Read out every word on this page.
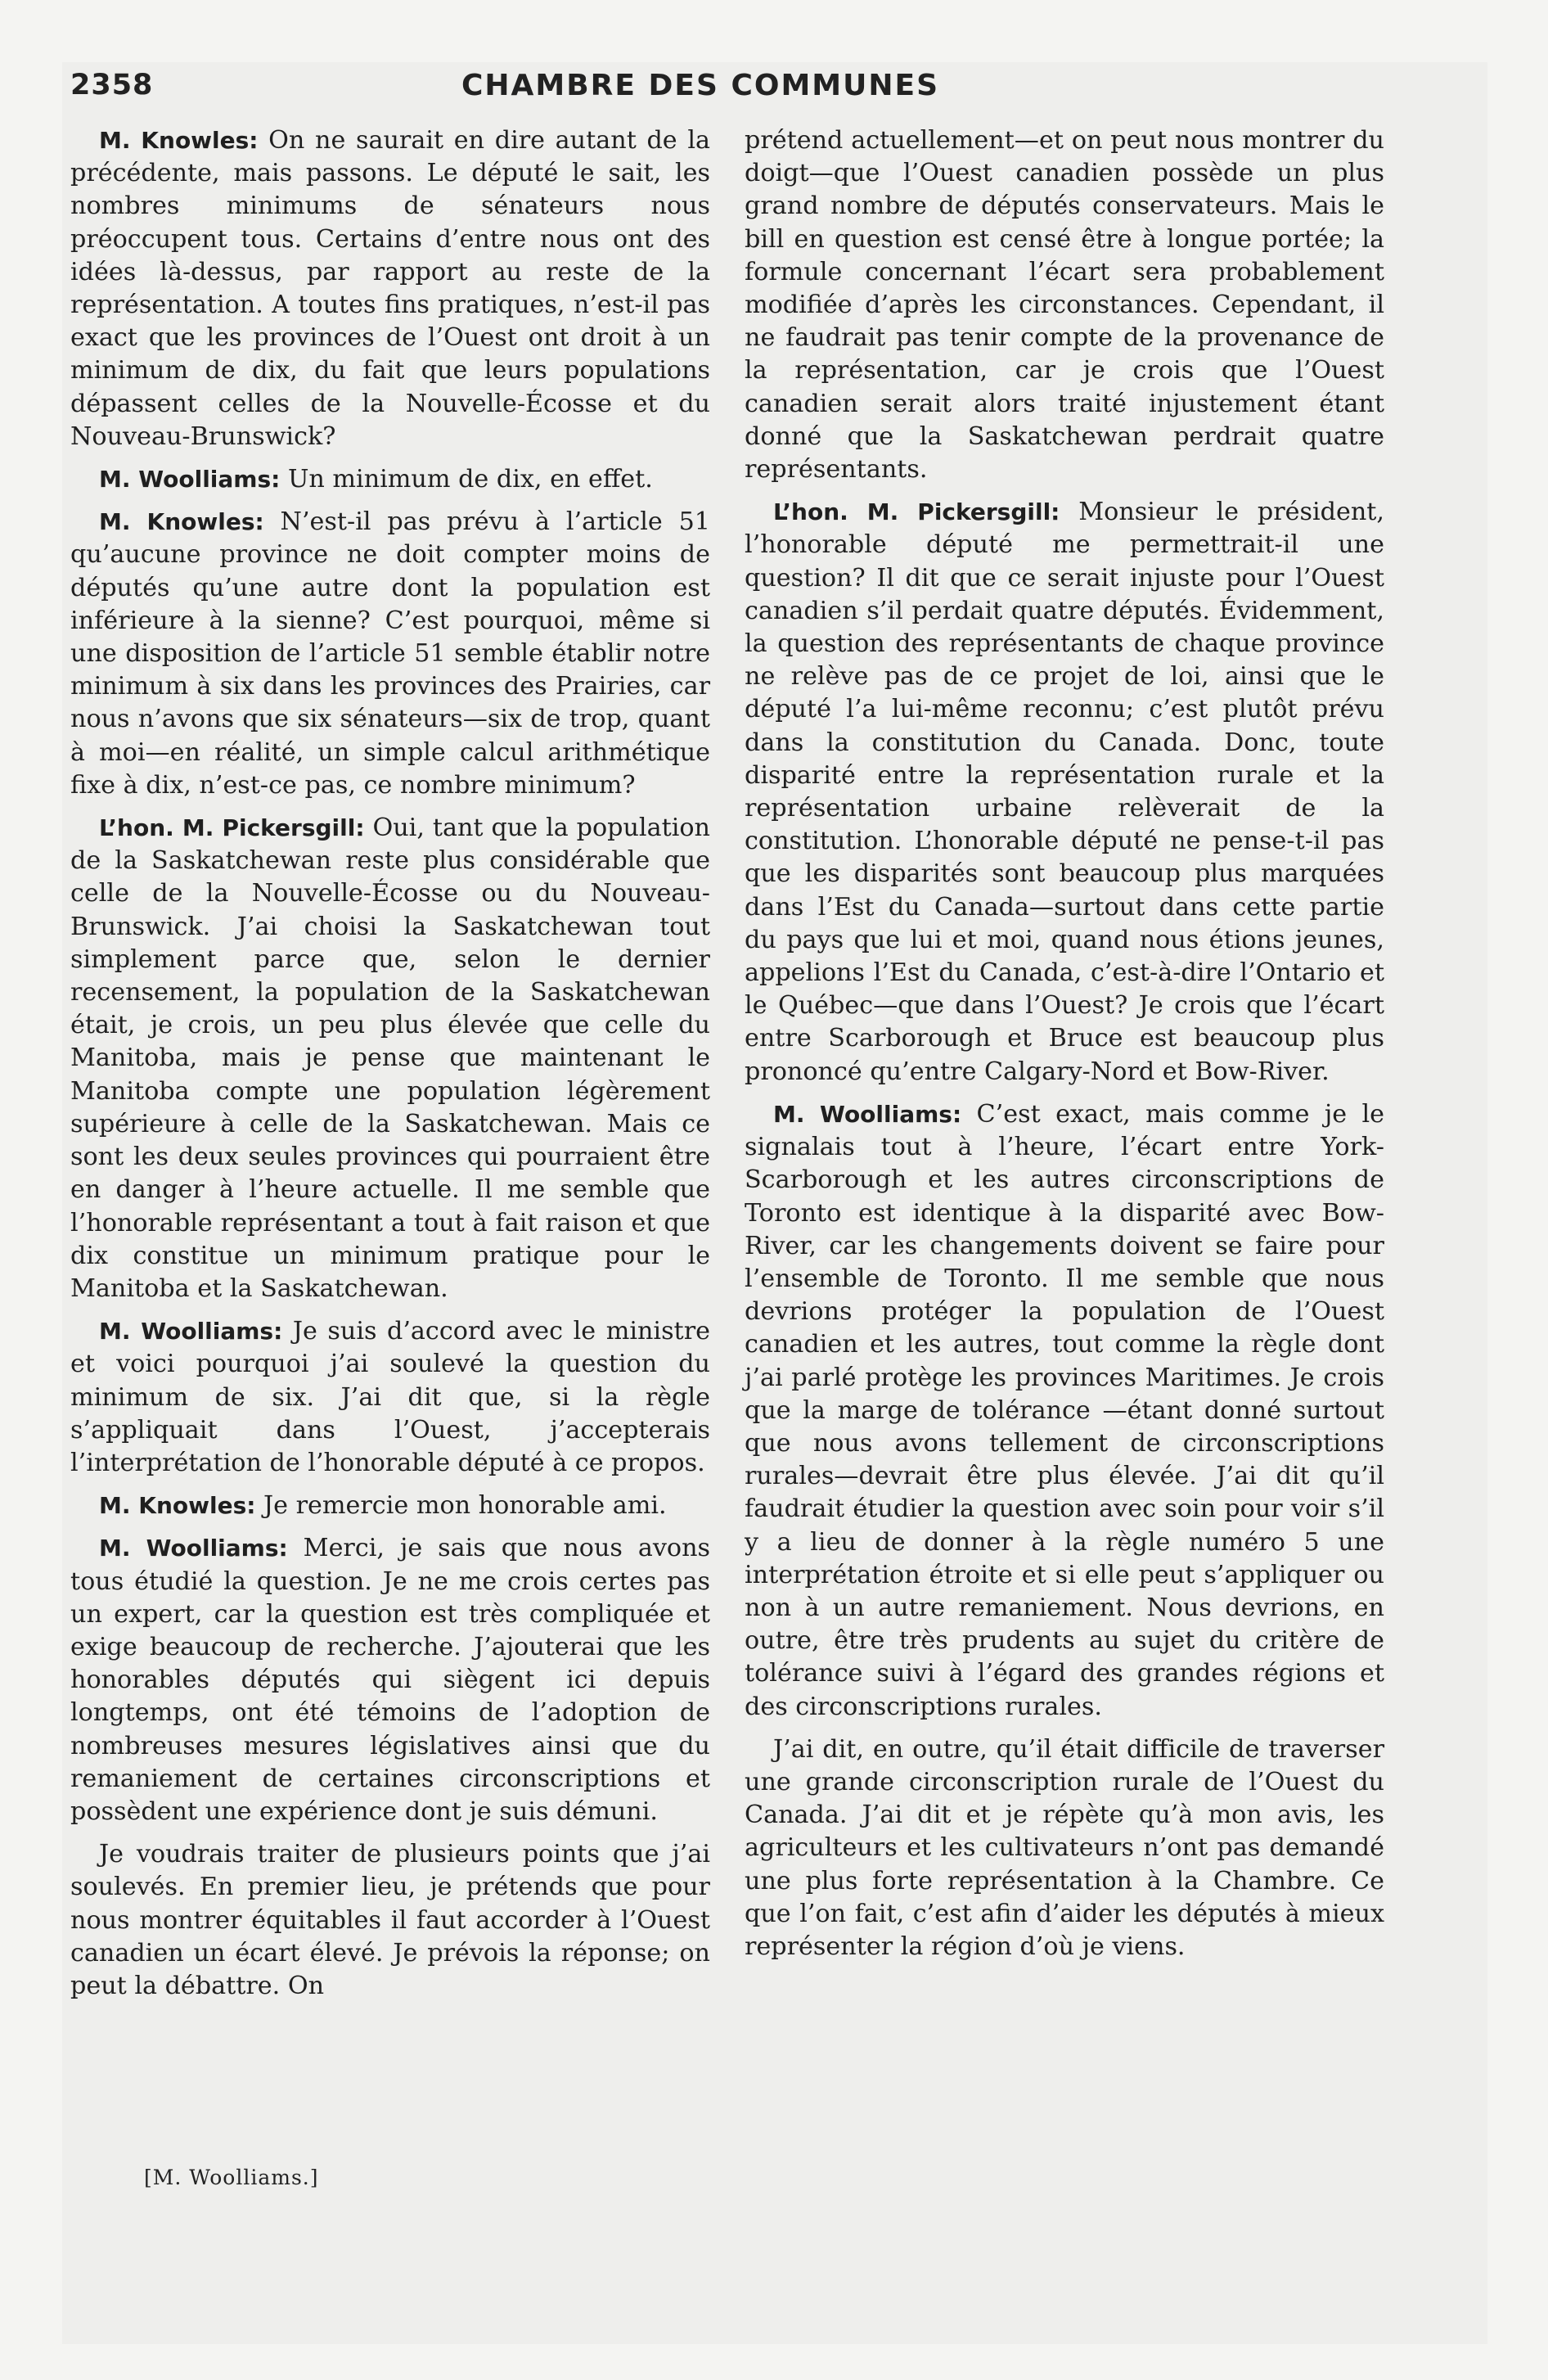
2358	CHAMBRE DES COMMUNES

M. Knowles: On ne saurait en dire autant de la précédente, mais passons. Le député le sait, les nombres minimums de sénateurs nous préoccupent tous. Certains d’entre nous ont des idées là-dessus, par rapport au reste de la représentation. A toutes fins pratiques, n’est-il pas exact que les provinces de l’Ouest ont droit à un minimum de dix, du fait que leurs populations dépassent celles de la Nouvelle-Écosse et du Nouveau-Brunswick?

M. Woolliams: Un minimum de dix, en effet.

M. Knowles: N’est-il pas prévu à l’article 51 qu’aucune province ne doit compter moins de députés qu’une autre dont la population est inférieure à la sienne? C’est pourquoi, même si une disposition de l’article 51 semble établir notre minimum à six dans les provinces des Prairies, car nous n’avons que six sénateurs—six de trop, quant à moi—en réalité, un simple calcul arithmétique fixe à dix, n’est-ce pas, ce nombre minimum?

L’hon. M. Pickersgill: Oui, tant que la population de la Saskatchewan reste plus considérable que celle de la Nouvelle-Écosse ou du Nouveau-Brunswick. J’ai choisi la Saskatchewan tout simplement parce que, selon le dernier recensement, la population de la Saskatchewan était, je crois, un peu plus élevée que celle du Manitoba, mais je pense que maintenant le Manitoba compte une population légèrement supérieure à celle de la Saskatchewan. Mais ce sont les deux seules provinces qui pourraient être en danger à l’heure actuelle. Il me semble que l’honorable représentant a tout à fait raison et que dix constitue un minimum pratique pour le Manitoba et la Saskatchewan.

M. Woolliams: Je suis d’accord avec le ministre et voici pourquoi j’ai soulevé la question du minimum de six. J’ai dit que, si la règle s’appliquait dans l’Ouest, j’accepterais l’interprétation de l’honorable député à ce propos.

M. Knowles: Je remercie mon honorable ami.

M. Woolliams: Merci, je sais que nous avons tous étudié la question. Je ne me crois certes pas un expert, car la question est très compliquée et exige beaucoup de recherche. J’ajouterai que les honorables députés qui siègent ici depuis longtemps, ont été témoins de l’adoption de nombreuses mesures législatives ainsi que du remaniement de certaines circonscriptions et possèdent une expérience dont je suis démuni.

Je voudrais traiter de plusieurs points que j’ai soulevés. En premier lieu, je prétends que pour nous montrer équitables il faut accorder à l’Ouest canadien un écart élevé. Je prévois la réponse; on peut la débattre. On

prétend actuellement—et on peut nous montrer du doigt—que l’Ouest canadien possède un plus grand nombre de députés conservateurs. Mais le bill en question est censé être à longue portée; la formule concernant l’écart sera probablement modifiée d’après les circonstances. Cependant, il ne faudrait pas tenir compte de la provenance de la représentation, car je crois que l’Ouest canadien serait alors traité injustement étant donné que la Saskatchewan perdrait quatre représentants.

L’hon. M. Pickersgill: Monsieur le président, l’honorable député me permettrait-il une question? Il dit que ce serait injuste pour l’Ouest canadien s’il perdait quatre députés. Évidemment, la question des représentants de chaque province ne relève pas de ce projet de loi, ainsi que le député l’a lui-même reconnu; c’est plutôt prévu dans la constitution du Canada. Donc, toute disparité entre la représentation rurale et la représentation urbaine relèverait de la constitution. L’honorable député ne pense-t-il pas que les disparités sont beaucoup plus marquées dans l’Est du Canada—surtout dans cette partie du pays que lui et moi, quand nous étions jeunes, appelions l’Est du Canada, c’est-à-dire l’Ontario et le Québec—que dans l’Ouest? Je crois que l’écart entre Scarborough et Bruce est beaucoup plus prononcé qu’entre Calgary-Nord et Bow-River.

M. Woolliams: C’est exact, mais comme je le signalais tout à l’heure, l’écart entre York-Scarborough et les autres circonscriptions de Toronto est identique à la disparité avec Bow-River, car les changements doivent se faire pour l’ensemble de Toronto. Il me semble que nous devrions protéger la population de l’Ouest canadien et les autres, tout comme la règle dont j’ai parlé protège les provinces Maritimes. Je crois que la marge de tolérance —étant donné surtout que nous avons tellement de circonscriptions rurales—devrait être plus élevée. J’ai dit qu’il faudrait étudier la question avec soin pour voir s’il y a lieu de donner à la règle numéro 5 une interprétation étroite et si elle peut s’appliquer ou non à un autre remaniement. Nous devrions, en outre, être très prudents au sujet du critère de tolérance suivi à l’égard des grandes régions et des circonscriptions rurales.

J’ai dit, en outre, qu’il était difficile de traverser une grande circonscription rurale de l’Ouest du Canada. J’ai dit et je répète qu’à mon avis, les agriculteurs et les cultivateurs n’ont pas demandé une plus forte représentation à la Chambre. Ce que l’on fait, c’est afin d’aider les députés à mieux représenter la région d’où je viens.

[M. Woolliams.]
